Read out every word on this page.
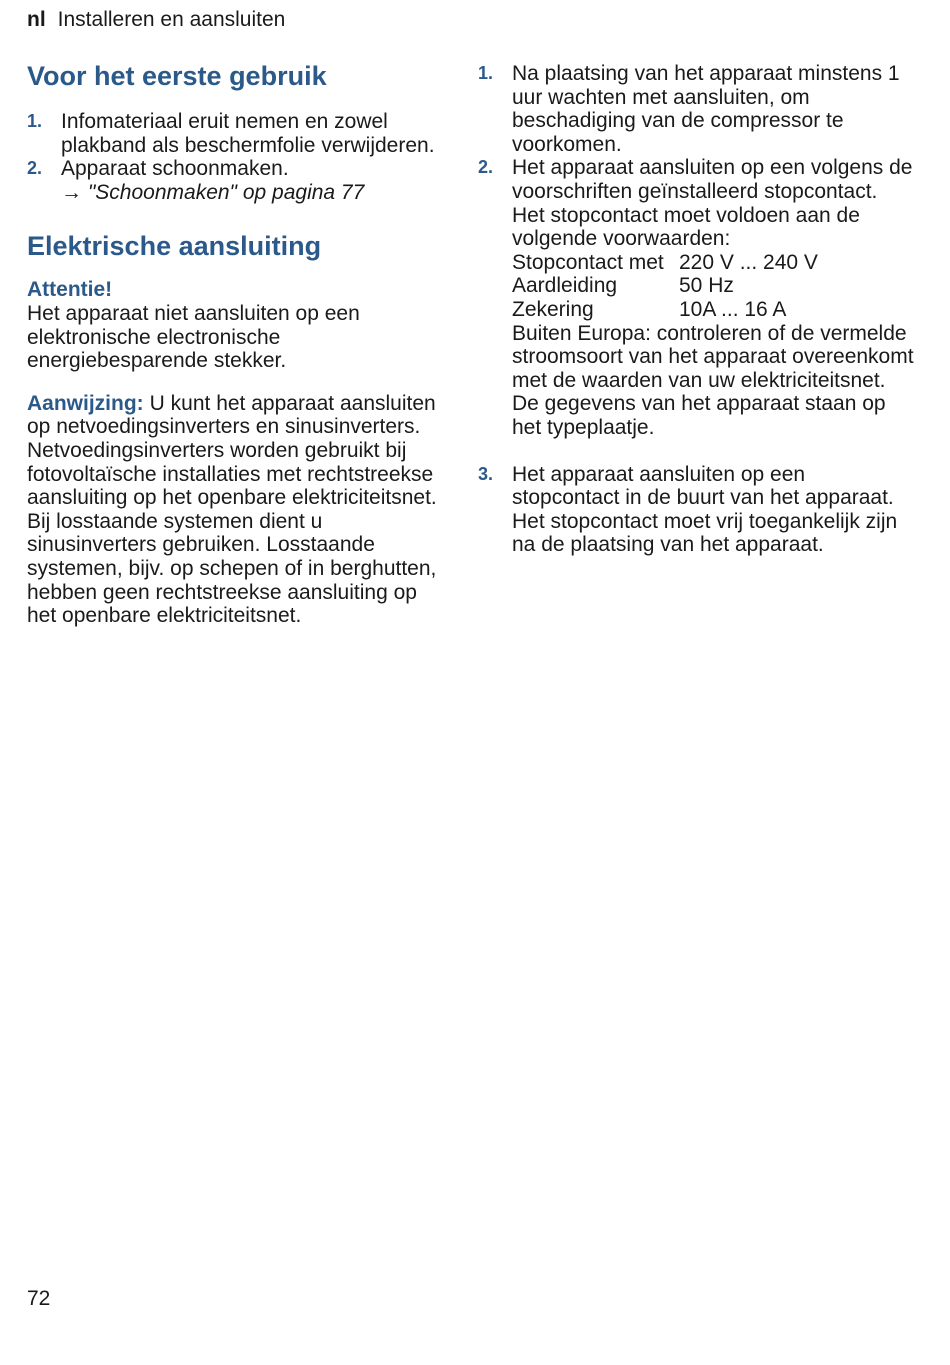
nl Installeren en aansluiten
Voor het eerste gebruik
1. Infomateriaal eruit nemen en zowel plakband als beschermfolie verwijderen.
2. Apparaat schoonmaken.
→ "Schoonmaken" op pagina 77
Elektrische aansluiting
Attentie!
Het apparaat niet aansluiten op een elektronische electronische energiebesparende stekker.
Aanwijzing: U kunt het apparaat aansluiten op netvoedingsinverters en sinusinverters.
Netvoedingsinverters worden gebruikt bij fotovoltaïsche installaties met rechtstreekse aansluiting op het openbare elektriciteitsnet. Bij losstaande systemen dient u sinusinverters gebruiken. Losstaande systemen, bijv. op schepen of in berghutten, hebben geen rechtstreekse aansluiting op het openbare elektriciteitsnet.
1. Na plaatsing van het apparaat minstens 1 uur wachten met aansluiten, om beschadiging van de compressor te voorkomen.
2. Het apparaat aansluiten op een volgens de voorschriften geïnstalleerd stopcontact.
Het stopcontact moet voldoen aan de volgende voorwaarden:
Stopcontact met 220 V ... 240 V
Aardleiding	50 Hz
Zekering	10A ... 16 A
Buiten Europa: controleren of de vermelde stroomsoort van het apparaat overeenkomt met de waarden van uw elektriciteitsnet. De gegevens van het apparaat staan op het typeplaatje.
3. Het apparaat aansluiten op een stopcontact in de buurt van het apparaat.
Het stopcontact moet vrij toegankelijk zijn na de plaatsing van het apparaat.
72
